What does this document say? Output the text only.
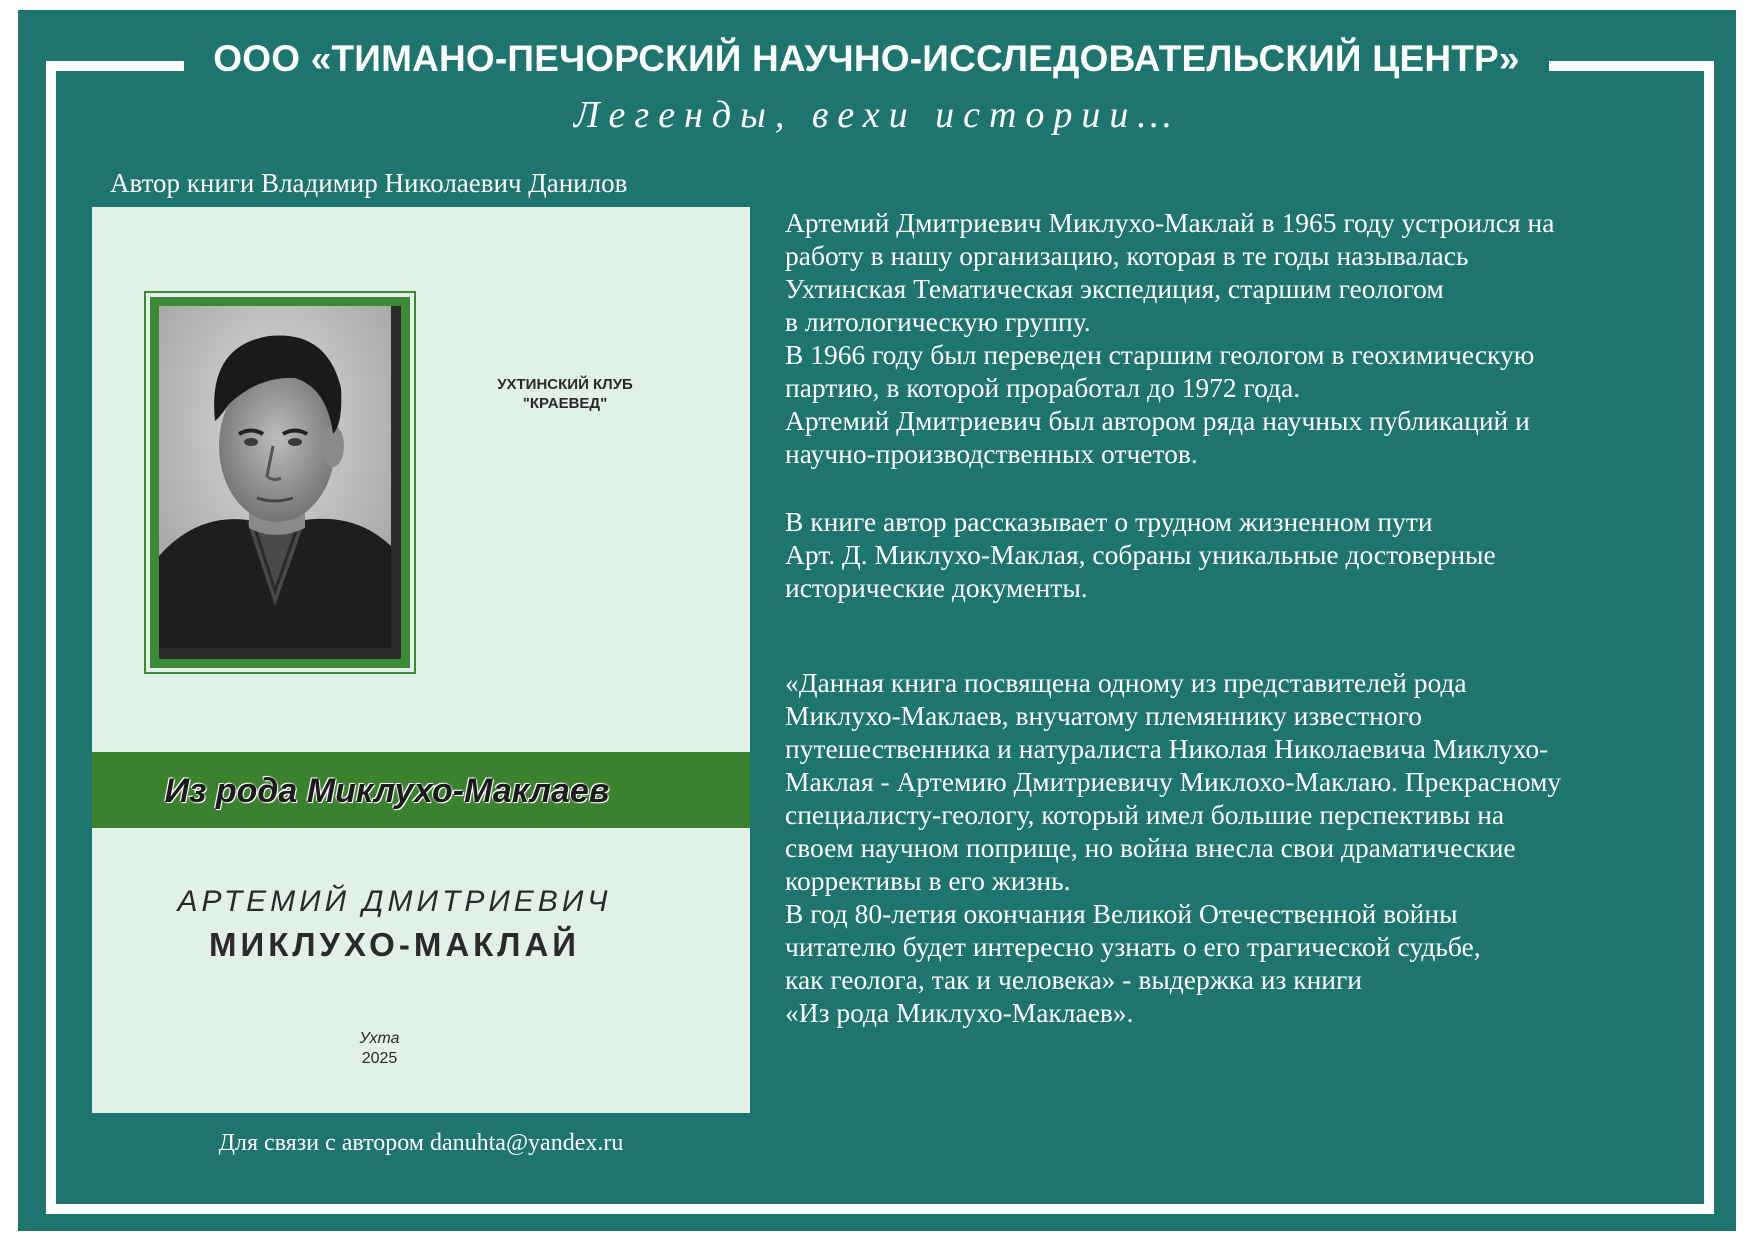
ООО «ТИМАНО-ПЕЧОРСКИЙ НАУЧНО-ИССЛЕДОВАТЕЛЬСКИЙ ЦЕНТР»
Легенды, вехи истории…
Автор книги Владимир Николаевич Данилов
УХТИНСКИЙ КЛУБ
"КРАЕВЕД"
Из рода Миклухо-Маклаев
АРТЕМИЙ ДМИТРИЕВИЧ
МИКЛУХО-МАКЛАЙ
Ухта
2025
Для связи с автором danuhta@yandex.ru
Артемий Дмитриевич Миклухо-Маклай в 1965 году устроился на
работу в нашу организацию, которая в те годы называлась
Ухтинская Тематическая экспедиция, старшим геологом
в литологическую группу.
В 1966 году был переведен старшим геологом в геохимическую
партию, в которой проработал до 1972 года.
Артемий Дмитриевич был автором ряда научных публикаций и
научно-производственных отчетов.
В книге автор рассказывает о трудном жизненном пути
Арт. Д. Миклухо-Маклая, собраны уникальные достоверные
исторические документы.
«Данная книга посвящена одному из представителей рода
Миклухо-Маклаев, внучатому племяннику известного
путешественника и натуралиста Николая Николаевича Миклухо-
Маклая - Артемию Дмитриевичу Миклохо-Маклаю. Прекрасному
специалисту-геологу, который имел большие перспективы на
своем научном поприще, но война внесла свои драматические
коррективы в его жизнь.
В год 80-летия окончания Великой Отечественной войны
читателю будет интересно узнать о его трагической судьбе,
как геолога, так и человека» - выдержка из книги
«Из рода Миклухо-Маклаев».
